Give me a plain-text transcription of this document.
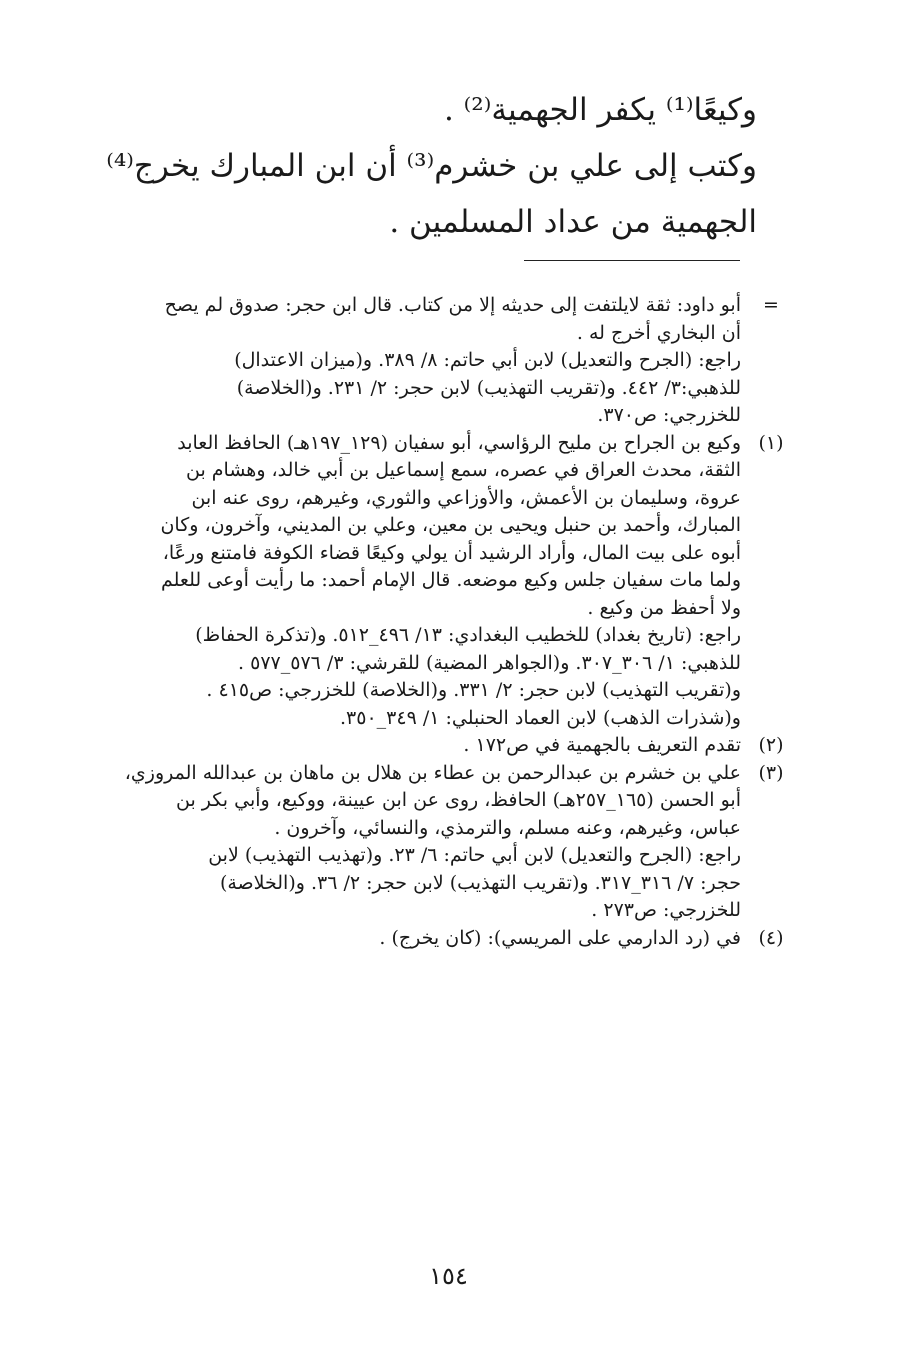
وكيعًا⁽¹⁾ يكفر الجهمية⁽²⁾ .

وكتب إلى علي بن خشرم⁽³⁾ أن ابن المبارك يخرج⁽⁴⁾

الجهمية من عداد المسلمين .

=

أبو داود: ثقة لايلتفت إلى حديثه إلا من كتاب. قال ابن حجر: صدوق لم يصح

أن البخاري أخرج له .

راجع: (الجرح والتعديل) لابن أبي حاتم: ٨/ ٣٨٩. و(ميزان الاعتدال)

للذهبي:٣/ ٤٤٢. و(تقريب التهذيب) لابن حجر: ٢/ ٢٣١. و(الخلاصة)

للخزرجي: ص٣٧٠.

(١)

وكيع بن الجراح بن مليح الرؤاسي، أبو سفيان (١٢٩_١٩٧هـ) الحافظ العابد

الثقة، محدث العراق في عصره، سمع إسماعيل بن أبي خالد، وهشام بن

عروة، وسليمان بن الأعمش، والأوزاعي والثوري، وغيرهم، روى عنه ابن

المبارك، وأحمد بن حنبل ويحيى بن معين، وعلي بن المديني، وآخرون، وكان

أبوه على بيت المال، وأراد الرشيد أن يولي وكيعًا قضاء الكوفة فامتنع ورعًا،

ولما مات سفيان جلس وكيع موضعه. قال الإمام أحمد: ما رأيت أوعى للعلم

ولا أحفظ من وكيع .

راجع: (تاريخ بغداد) للخطيب البغدادي: ١٣/ ٤٩٦_٥١٢. و(تذكرة الحفاظ)

للذهبي: ١/ ٣٠٦_٣٠٧. و(الجواهر المضية) للقرشي: ٣/ ٥٧٦_٥٧٧ .

و(تقريب التهذيب) لابن حجر: ٢/ ٣٣١. و(الخلاصة) للخزرجي: ص٤١٥ .

و(شذرات الذهب) لابن العماد الحنبلي: ١/ ٣٤٩_٣٥٠.

(٢)

تقدم التعريف بالجهمية في ص١٧٢ .

(٣)

علي بن خشرم بن عبدالرحمن بن عطاء بن هلال بن ماهان بن عبدالله المروزي،

أبو الحسن (١٦٥_٢٥٧هـ) الحافظ، روى عن ابن عيينة، ووكيع، وأبي بكر بن

عباس، وغيرهم، وعنه مسلم، والترمذي، والنسائي، وآخرون .

راجع: (الجرح والتعديل) لابن أبي حاتم: ٦/ ٢٣. و(تهذيب التهذيب) لابن

حجر: ٧/ ٣١٦_٣١٧. و(تقريب التهذيب) لابن حجر: ٢/ ٣٦. و(الخلاصة)

للخزرجي: ص٢٧٣ .

(٤)

في (رد الدارمي على المريسي): (كان يخرج) .

١٥٤
